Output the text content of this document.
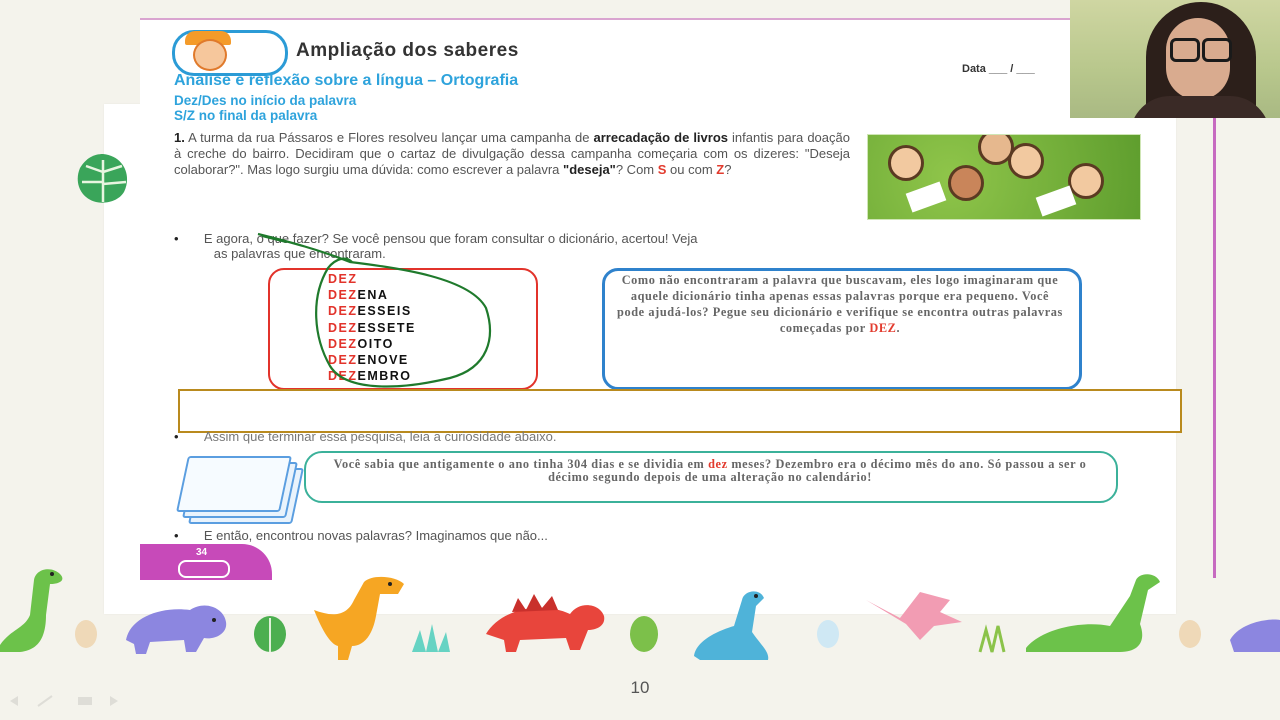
Ampliação dos saberes
Análise e reflexão sobre a língua – Ortografia
Dez/Des no início da palavra
S/Z no final da palavra
Data ___ / ___
1. A turma da rua Pássaros e Flores resolveu lançar uma campanha de arrecadação de livros infantis para doação à creche do bairro. Decidiram que o cartaz de divulgação dessa campanha começaria com os dizeres: "Deseja colaborar?". Mas logo surgiu uma dúvida: como escrever a palavra "deseja"? Com S ou com Z?
• E agora, o que fazer? Se você pensou que foram consultar o dicionário, acertou! Veja
as palavras que encontraram.
DEZ
DEZENA
DEZESSEIS
DEZESSETE
DEZOITO
DEZENOVE
DEZEMBRO
Como não encontraram a palavra que buscavam, eles logo imaginaram que aquele dicionário tinha apenas essas palavras porque era pequeno. Você pode ajudá-los? Pegue seu dicionário e verifique se encontra outras palavras começadas por DEZ.
• Assim que terminar essa pesquisa, leia a curiosidade abaixo.
Você sabia que antigamente o ano tinha 304 dias e se dividia em dez meses? Dezembro era o décimo mês do ano. Só passou a ser o décimo segundo depois de uma alteração no calendário!
• E então, encontrou novas palavras? Imaginamos que não...
34
10
